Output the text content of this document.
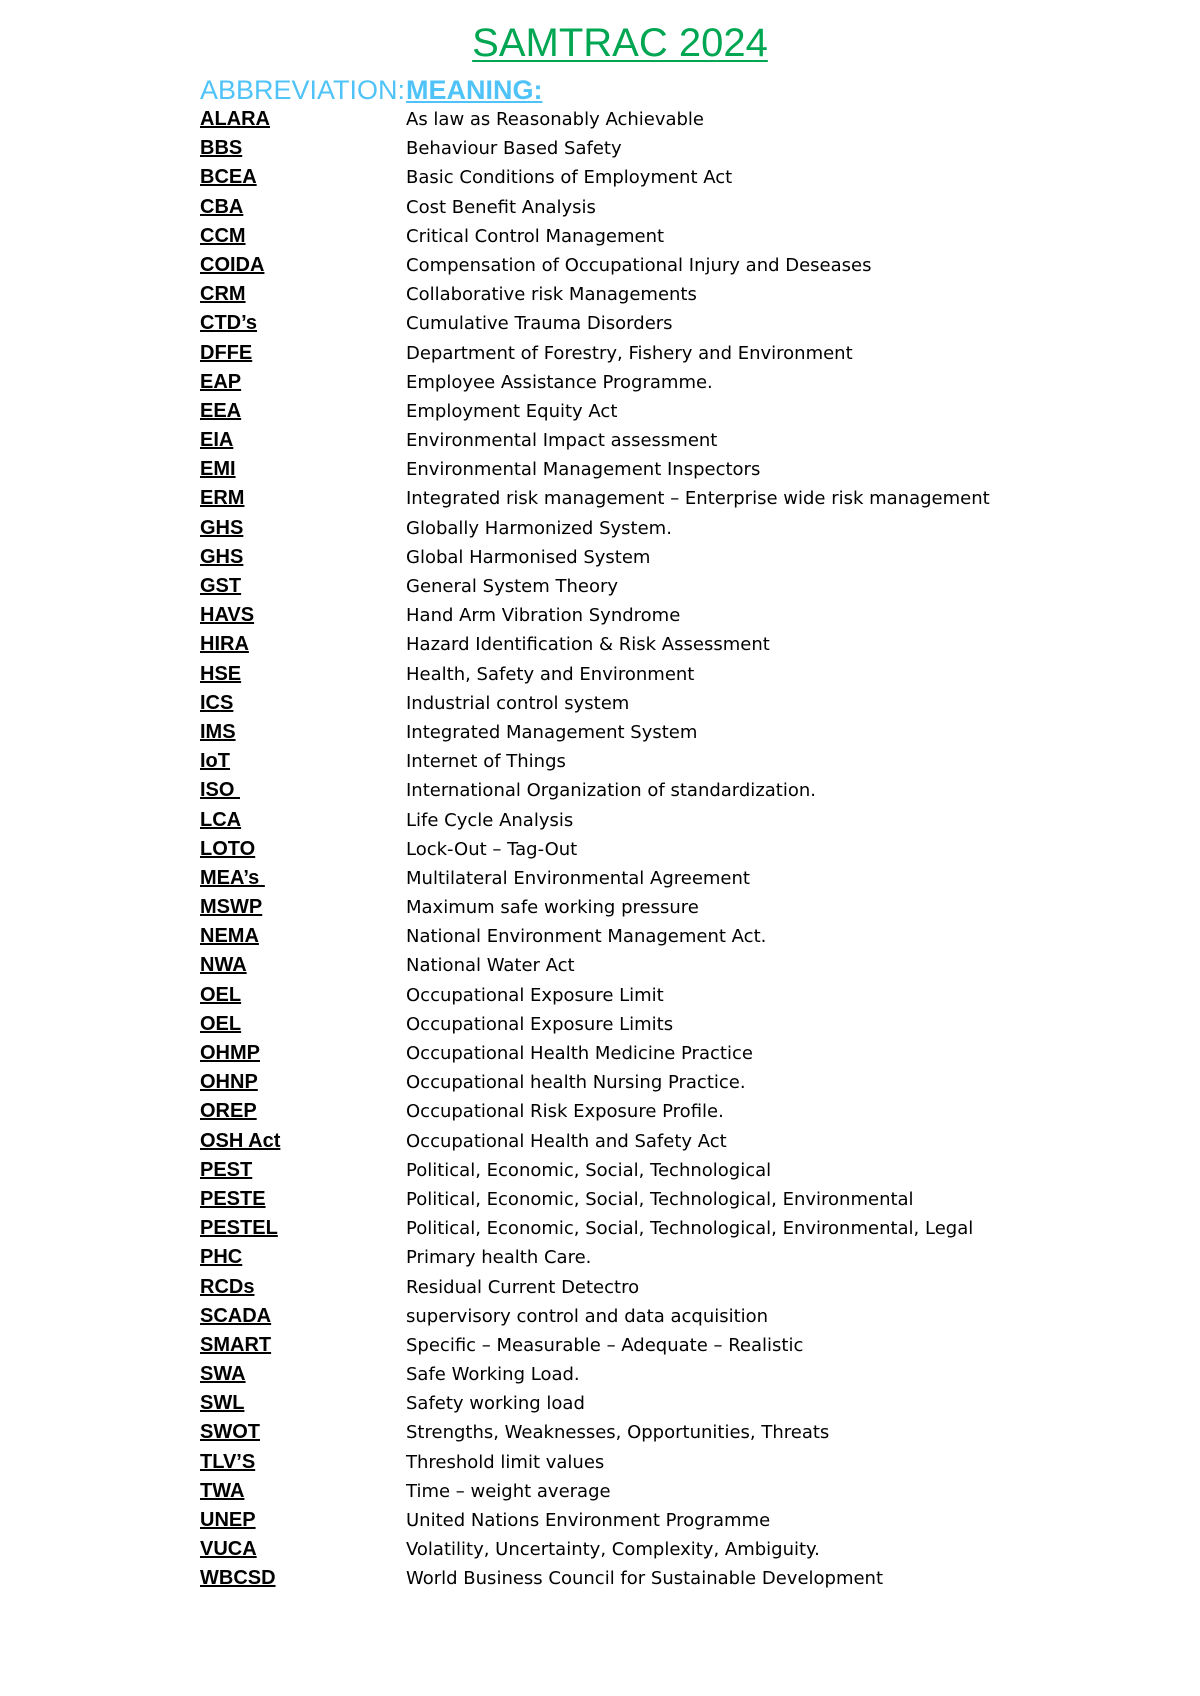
SAMTRAC 2024
ABBREVIATION: MEANING:
ALARA	As law as Reasonably Achievable
BBS	Behaviour Based Safety
BCEA	Basic Conditions of Employment Act
CBA	Cost Benefit Analysis
CCM	Critical Control Management
COIDA	Compensation of Occupational Injury and Deseases
CRM	Collaborative risk Managements
CTD’s	Cumulative Trauma Disorders
DFFE	Department of Forestry, Fishery and Environment
EAP	Employee Assistance Programme.
EEA	Employment Equity Act
EIA	Environmental Impact assessment
EMI	Environmental Management Inspectors
ERM	Integrated risk management – Enterprise wide risk management
GHS	Globally Harmonized System.
GHS	Global Harmonised System
GST	General System Theory
HAVS	Hand Arm Vibration Syndrome
HIRA	Hazard Identification & Risk Assessment
HSE	Health, Safety and Environment
ICS	Industrial control system
IMS	Integrated Management System
IoT	Internet of Things
ISO	International Organization of standardization.
LCA	Life Cycle Analysis
LOTO	Lock-Out – Tag-Out
MEA’s	Multilateral Environmental Agreement
MSWP	Maximum safe working pressure
NEMA	National Environment Management Act.
NWA	National Water Act
OEL	Occupational Exposure Limit
OEL	Occupational Exposure Limits
OHMP	Occupational Health Medicine Practice
OHNP	Occupational health Nursing Practice.
OREP	Occupational Risk Exposure Profile.
OSH Act	Occupational Health and Safety Act
PEST	Political, Economic, Social, Technological
PESTE	Political, Economic, Social, Technological, Environmental
PESTEL	Political, Economic, Social, Technological, Environmental, Legal
PHC	Primary health Care.
RCDs	Residual Current Detectro
SCADA	supervisory control and data acquisition
SMART	Specific – Measurable – Adequate – Realistic
SWA	Safe Working Load.
SWL	Safety working load
SWOT	Strengths, Weaknesses, Opportunities, Threats
TLV’S	Threshold limit values
TWA	Time – weight average
UNEP	United Nations Environment Programme
VUCA	Volatility, Uncertainty, Complexity, Ambiguity.
WBCSD	World Business Council for Sustainable Development
